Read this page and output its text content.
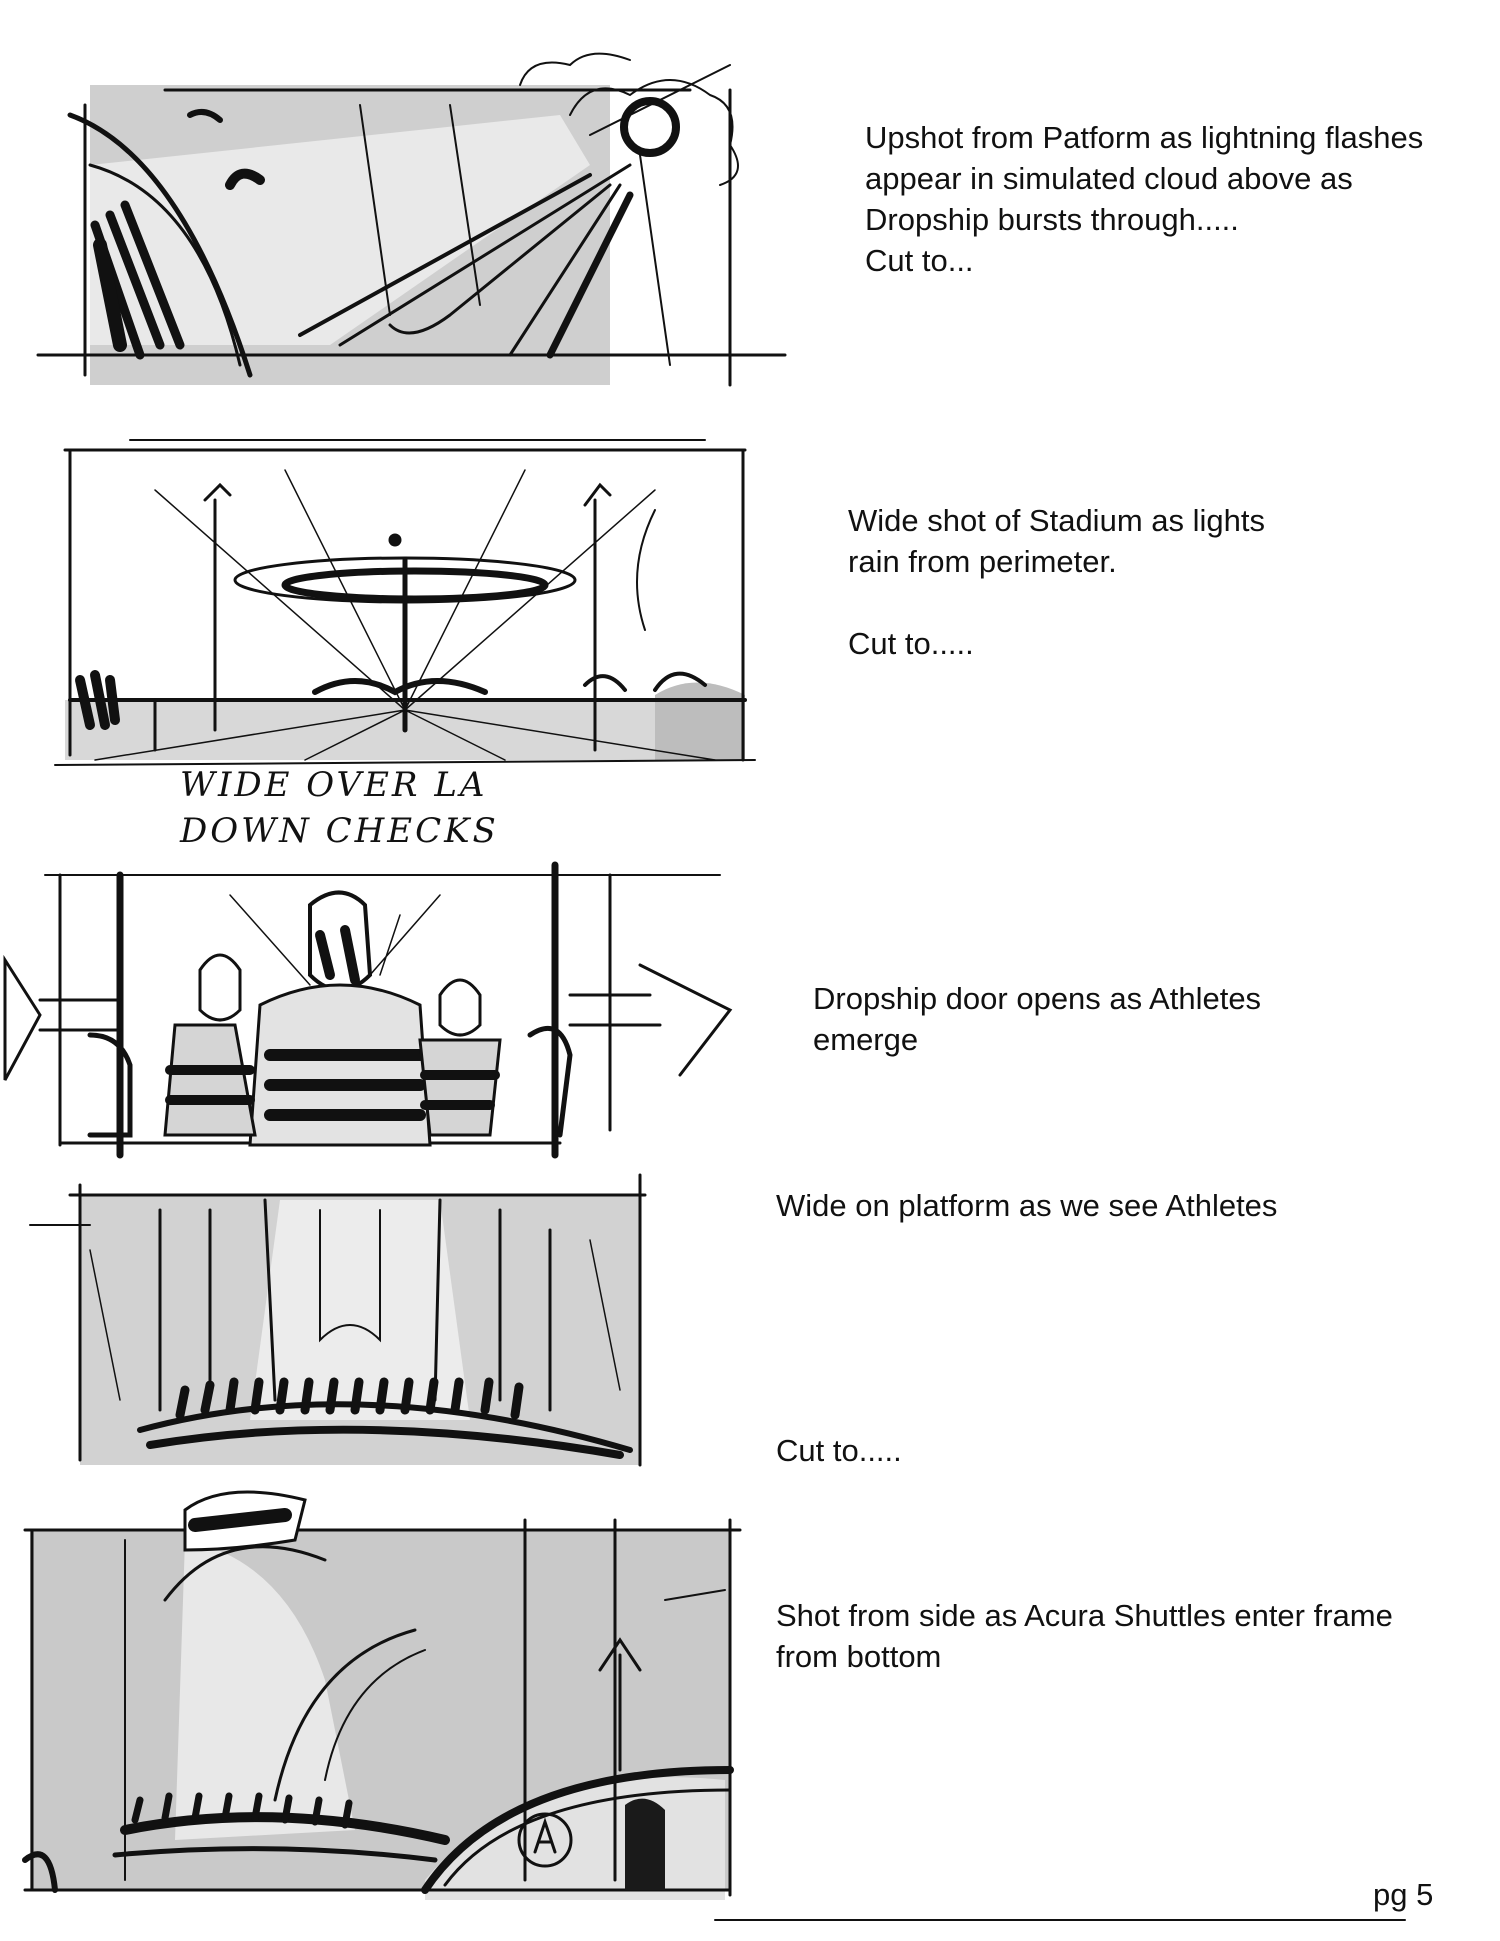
Upshot from Patform as lightning flashes
appear in simulated cloud above as
Dropship bursts through.....
Cut to...
WIDE OVER LA
DOWN CHECKS
Wide shot of Stadium as lights
rain from perimeter.

Cut to.....
Dropship door opens as Athletes
emerge
Wide on platform as we see Athletes
Cut to.....
Shot from side as Acura Shuttles enter frame
from bottom
pg 5
